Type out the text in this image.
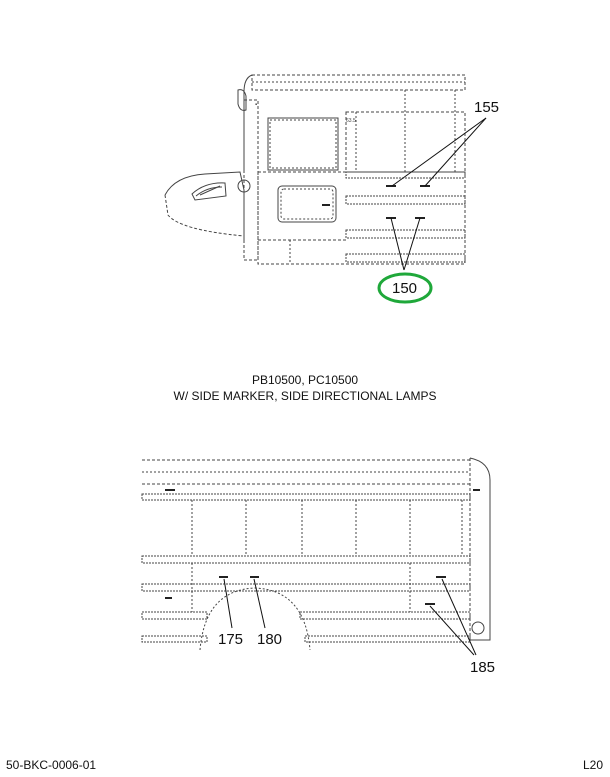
63.5
▪	155
150
PB10500, PC10500
W/ SIDE MARKER, SIDE DIRECTIONAL LAMPS
175 180
185
50-BKC-0006-01	L20
